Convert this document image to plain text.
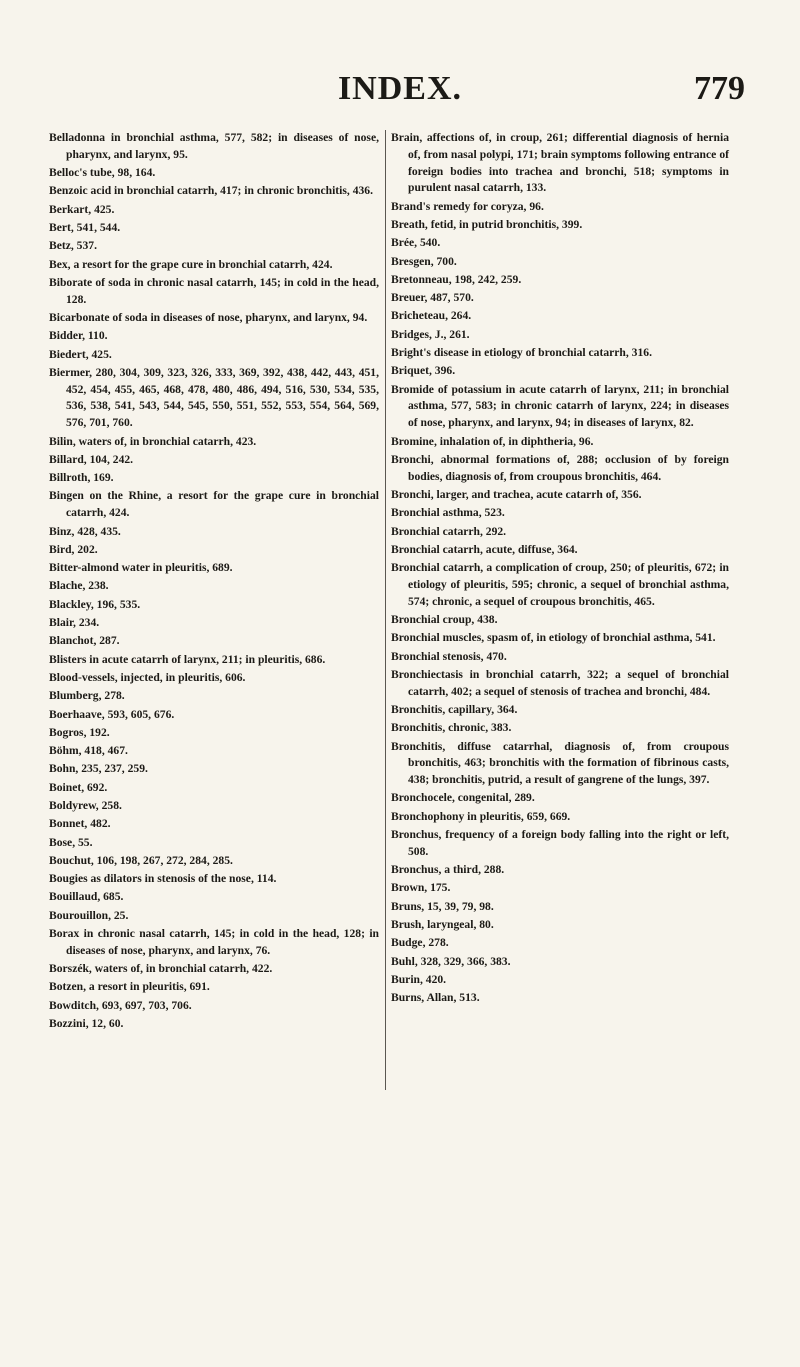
INDEX.	779

Belladonna in bronchial asthma, 577, 582; in diseases of nose, pharynx, and larynx, 95.

Belloc's tube, 98, 164.

Benzoic acid in bronchial catarrh, 417; in chronic bronchitis, 436.

Berkart, 425.

Bert, 541, 544.

Betz, 537.

Bex, a resort for the grape cure in bronchial catarrh, 424.

Biborate of soda in chronic nasal catarrh, 145; in cold in the head, 128.

Bicarbonate of soda in diseases of nose, pharynx, and larynx, 94.

Bidder, 110.

Biedert, 425.

Biermer, 280, 304, 309, 323, 326, 333, 369, 392, 438, 442, 443, 451, 452, 454, 455, 465, 468, 478, 480, 486, 494, 516, 530, 534, 535, 536, 538, 541, 543, 544, 545, 550, 551, 552, 553, 554, 564, 569, 576, 701, 760.

Bilin, waters of, in bronchial catarrh, 423.

Billard, 104, 242.

Billroth, 169.

Bingen on the Rhine, a resort for the grape cure in bronchial catarrh, 424.

Binz, 428, 435.

Bird, 202.

Bitter-almond water in pleuritis, 689.

Blache, 238.

Blackley, 196, 535.

Blair, 234.

Blanchot, 287.

Blisters in acute catarrh of larynx, 211; in pleuritis, 686.

Blood-vessels, injected, in pleuritis, 606.

Blumberg, 278.

Boerhaave, 593, 605, 676.

Bogros, 192.

Böhm, 418, 467.

Bohn, 235, 237, 259.

Boinet, 692.

Boldyrew, 258.

Bonnet, 482.

Bose, 55.

Bouchut, 106, 198, 267, 272, 284, 285.

Bougies as dilators in stenosis of the nose, 114.

Bouillaud, 685.

Bourouillon, 25.

Borax in chronic nasal catarrh, 145; in cold in the head, 128; in diseases of nose, pharynx, and larynx, 76.

Borszék, waters of, in bronchial catarrh, 422.

Botzen, a resort in pleuritis, 691.

Bowditch, 693, 697, 703, 706.

Bozzini, 12, 60.

Brain, affections of, in croup, 261; differential diagnosis of hernia of, from nasal polypi, 171; brain symptoms following entrance of foreign bodies into trachea and bronchi, 518; symptoms in purulent nasal catarrh, 133.

Brand's remedy for coryza, 96.

Breath, fetid, in putrid bronchitis, 399.

Brée, 540.

Bresgen, 700.

Bretonneau, 198, 242, 259.

Breuer, 487, 570.

Bricheteau, 264.

Bridges, J., 261.

Bright's disease in etiology of bronchial catarrh, 316.

Briquet, 396.

Bromide of potassium in acute catarrh of larynx, 211; in bronchial asthma, 577, 583; in chronic catarrh of larynx, 224; in diseases of nose, pharynx, and larynx, 94; in diseases of larynx, 82.

Bromine, inhalation of, in diphtheria, 96.

Bronchi, abnormal formations of, 288; occlusion of by foreign bodies, diagnosis of, from croupous bronchitis, 464.

Bronchi, larger, and trachea, acute catarrh of, 356.

Bronchial asthma, 523.

Bronchial catarrh, 292.

Bronchial catarrh, acute, diffuse, 364.

Bronchial catarrh, a complication of croup, 250; of pleuritis, 672; in etiology of pleuritis, 595; chronic, a sequel of bronchial asthma, 574; chronic, a sequel of croupous bronchitis, 465.

Bronchial croup, 438.

Bronchial muscles, spasm of, in etiology of bronchial asthma, 541.

Bronchial stenosis, 470.

Bronchiectasis in bronchial catarrh, 322; a sequel of bronchial catarrh, 402; a sequel of stenosis of trachea and bronchi, 484.

Bronchitis, capillary, 364.

Bronchitis, chronic, 383.

Bronchitis, diffuse catarrhal, diagnosis of, from croupous bronchitis, 463; bronchitis with the formation of fibrinous casts, 438; bronchitis, putrid, a result of gangrene of the lungs, 397.

Bronchocele, congenital, 289.

Bronchophony in pleuritis, 659, 669.

Bronchus, frequency of a foreign body falling into the right or left, 508.

Bronchus, a third, 288.

Brown, 175.

Bruns, 15, 39, 79, 98.

Brush, laryngeal, 80.

Budge, 278.

Buhl, 328, 329, 366, 383.

Burin, 420.

Burns, Allan, 513.
